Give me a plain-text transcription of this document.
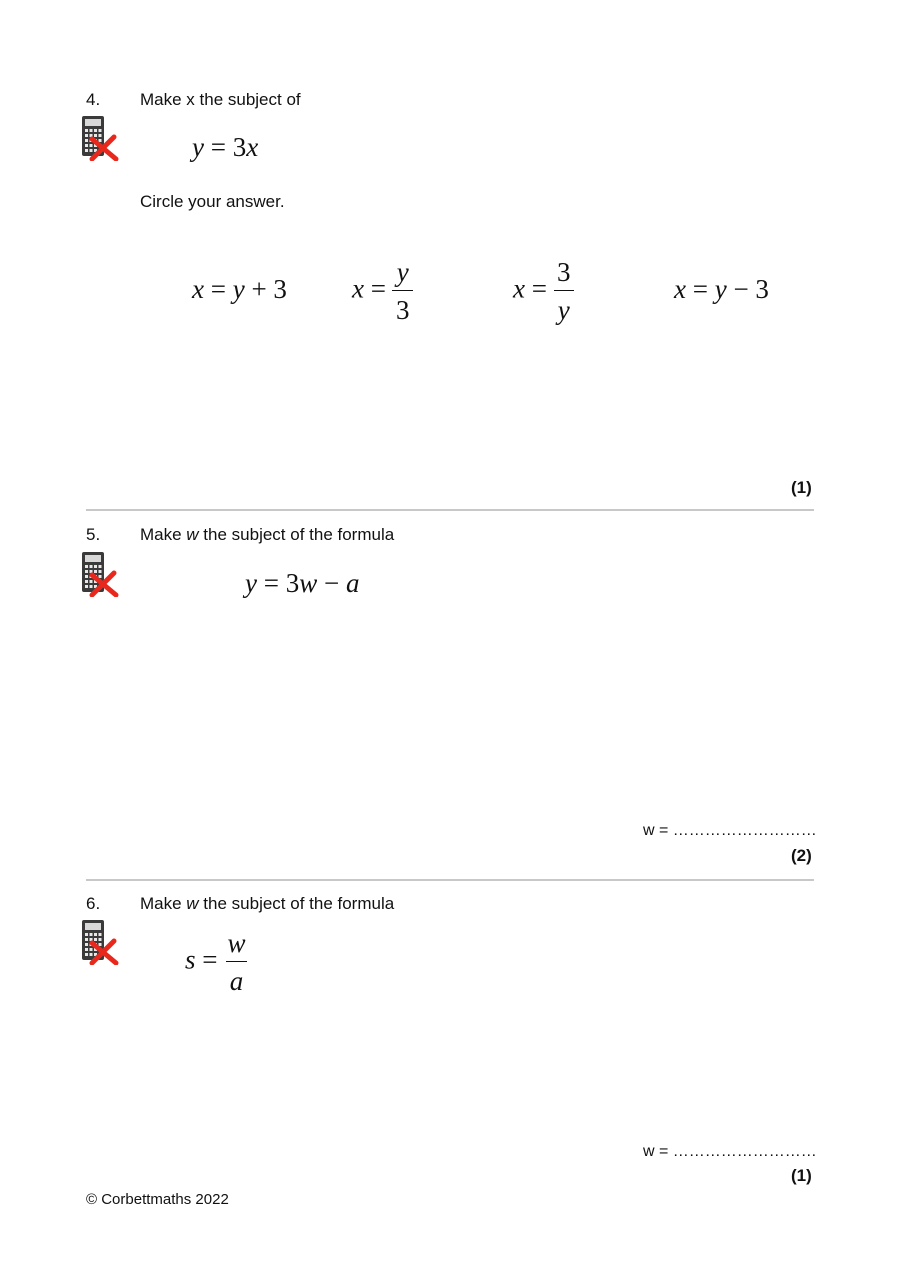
4. Make x the subject of
y = 3x
Circle your answer.
x = y + 3 $x = \frac{y}{3}$	$x = \frac{3}{y}$	x = y − 3
(1)
5. Make w the subject of the formula
y = 3w − a
w = ………………………
(2)
6. Make w the subject of the formula
$s = \frac{w}{a}$
w = ………………………
(1)
© Corbettmaths 2022
